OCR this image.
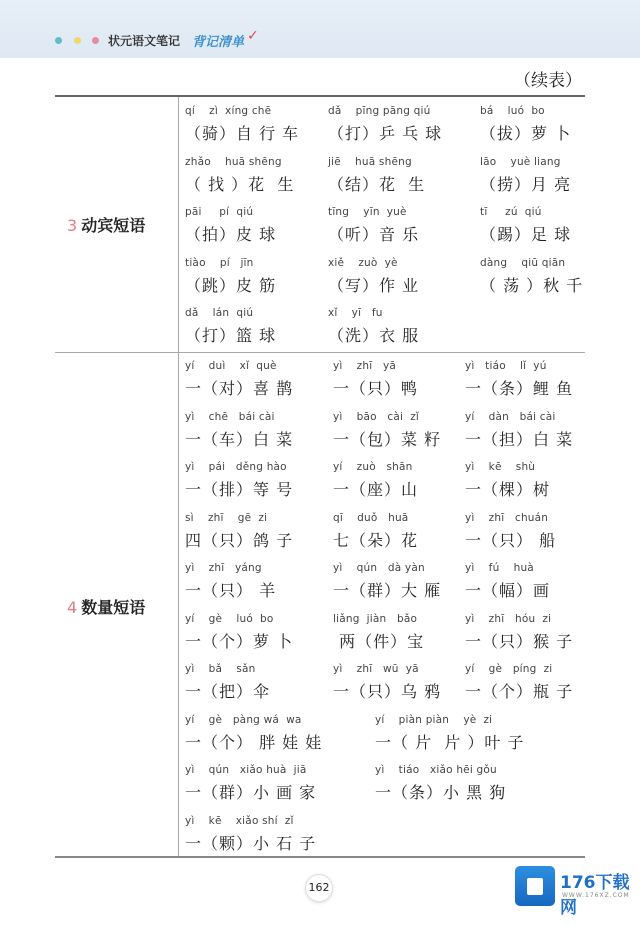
状元语文笔记 背记清单 ✓
（续表）
3 动宾短语
4 数量短语
qí    zì  xíng chē
（骑）自 行 车
dǎ    pīng pāng qiú
（打）乒 乓 球
bá    luó  bo
（拔）萝 卜
zhǎo    huā shēng
（ 找 ）花  生
jiē    huā shēng
（结）花  生
lāo    yuè liang
（捞）月 亮
pāi     pí  qiú
（拍）皮 球
tīng    yīn  yuè
（听）音 乐
tī     zú  qiú
（踢）足 球
tiào    pí   jīn
（跳）皮 筋
xiě    zuò  yè
（写）作 业
dàng    qiū qiān
（ 荡 ）秋 千
dǎ    lán  qiú
（打）篮 球
xǐ    yī   fu
（洗）衣 服
yí    duì    xǐ  què
一（对）喜 鹊
yì    zhī   yā
一（只）鸭
yì   tiáo    lǐ  yú
一（条）鲤 鱼
yì    chē   bái cài
一（车）白 菜
yì    bāo   cài  zǐ
一（包）菜 籽
yí    dàn   bái cài
一（担）白 菜
yì    pái   děng hào
一（排）等 号
yí    zuò   shān
一（座）山
yì    kē    shù
一（棵）树
sì    zhī    gē  zi
四（只）鸽 子
qī    duǒ   huā
七（朵）花
yì    zhī   chuán
一（只） 船
yì    zhī   yáng
一（只） 羊
yì    qún   dà yàn
一（群）大 雁
yì    fú    huà
一（幅）画
yí    gè    luó  bo
一（个）萝 卜
liǎng  jiàn   bǎo
两（件）宝
yì    zhī   hóu  zi
一（只）猴 子
yì    bǎ    sǎn
一（把）伞
yì    zhī   wū  yā
一（只）乌 鸦
yí    gè   píng  zi
一（个）瓶 子
yí    gè   pàng wá  wa
一（个） 胖 娃 娃
yí    piàn piàn    yè  zi
一（ 片  片 ）叶 子
yì    qún   xiǎo huà  jiā
一（群）小 画 家
yì    tiáo   xiǎo hēi gǒu
一（条）小 黑 狗
yì    kē    xiǎo shí  zǐ
一（颗）小 石 子
162	176下载网
WWW.176XZ.COM
